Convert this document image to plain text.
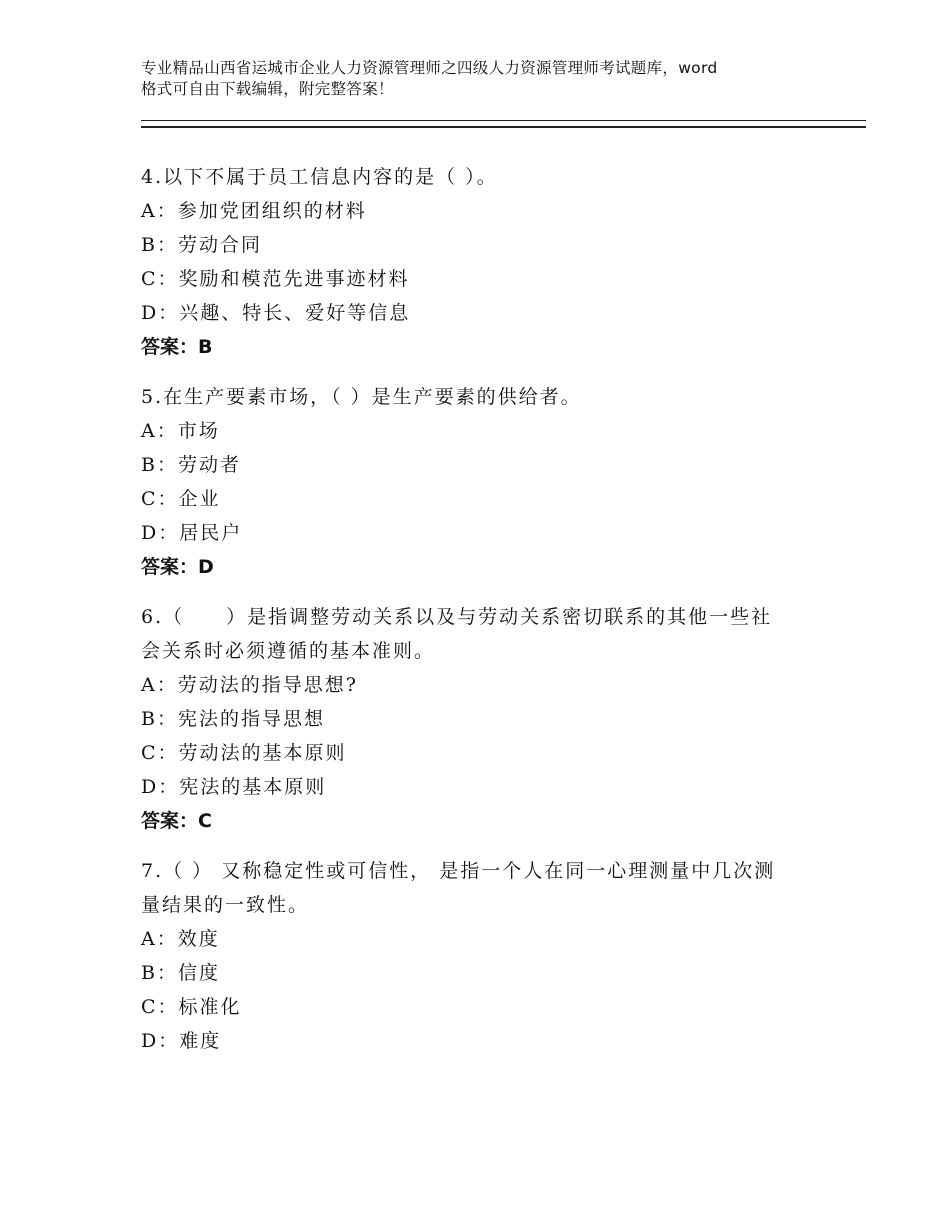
专业精品山西省运城市企业人力资源管理师之四级人力资源管理师考试题库，word
格式可自由下载编辑，附完整答案！
4.以下不属于员工信息内容的是（ ）。
A：参加党团组织的材料
B：劳动合同
C：奖励和模范先进事迹材料
D：兴趣、特长、爱好等信息
答案：B
5.在生产要素市场，（ ）是生产要素的供给者。
A：市场
B：劳动者
C：企业
D：居民户
答案：D
6.（　　）是指调整劳动关系以及与劳动关系密切联系的其他一些社
会关系时必须遵循的基本准则。
A：劳动法的指导思想?
B：宪法的指导思想
C：劳动法的基本原则
D：宪法的基本原则
答案：C
7.（ ） 又称稳定性或可信性， 是指一个人在同一心理测量中几次测
量结果的一致性。
A：效度
B：信度
C：标准化
D：难度
